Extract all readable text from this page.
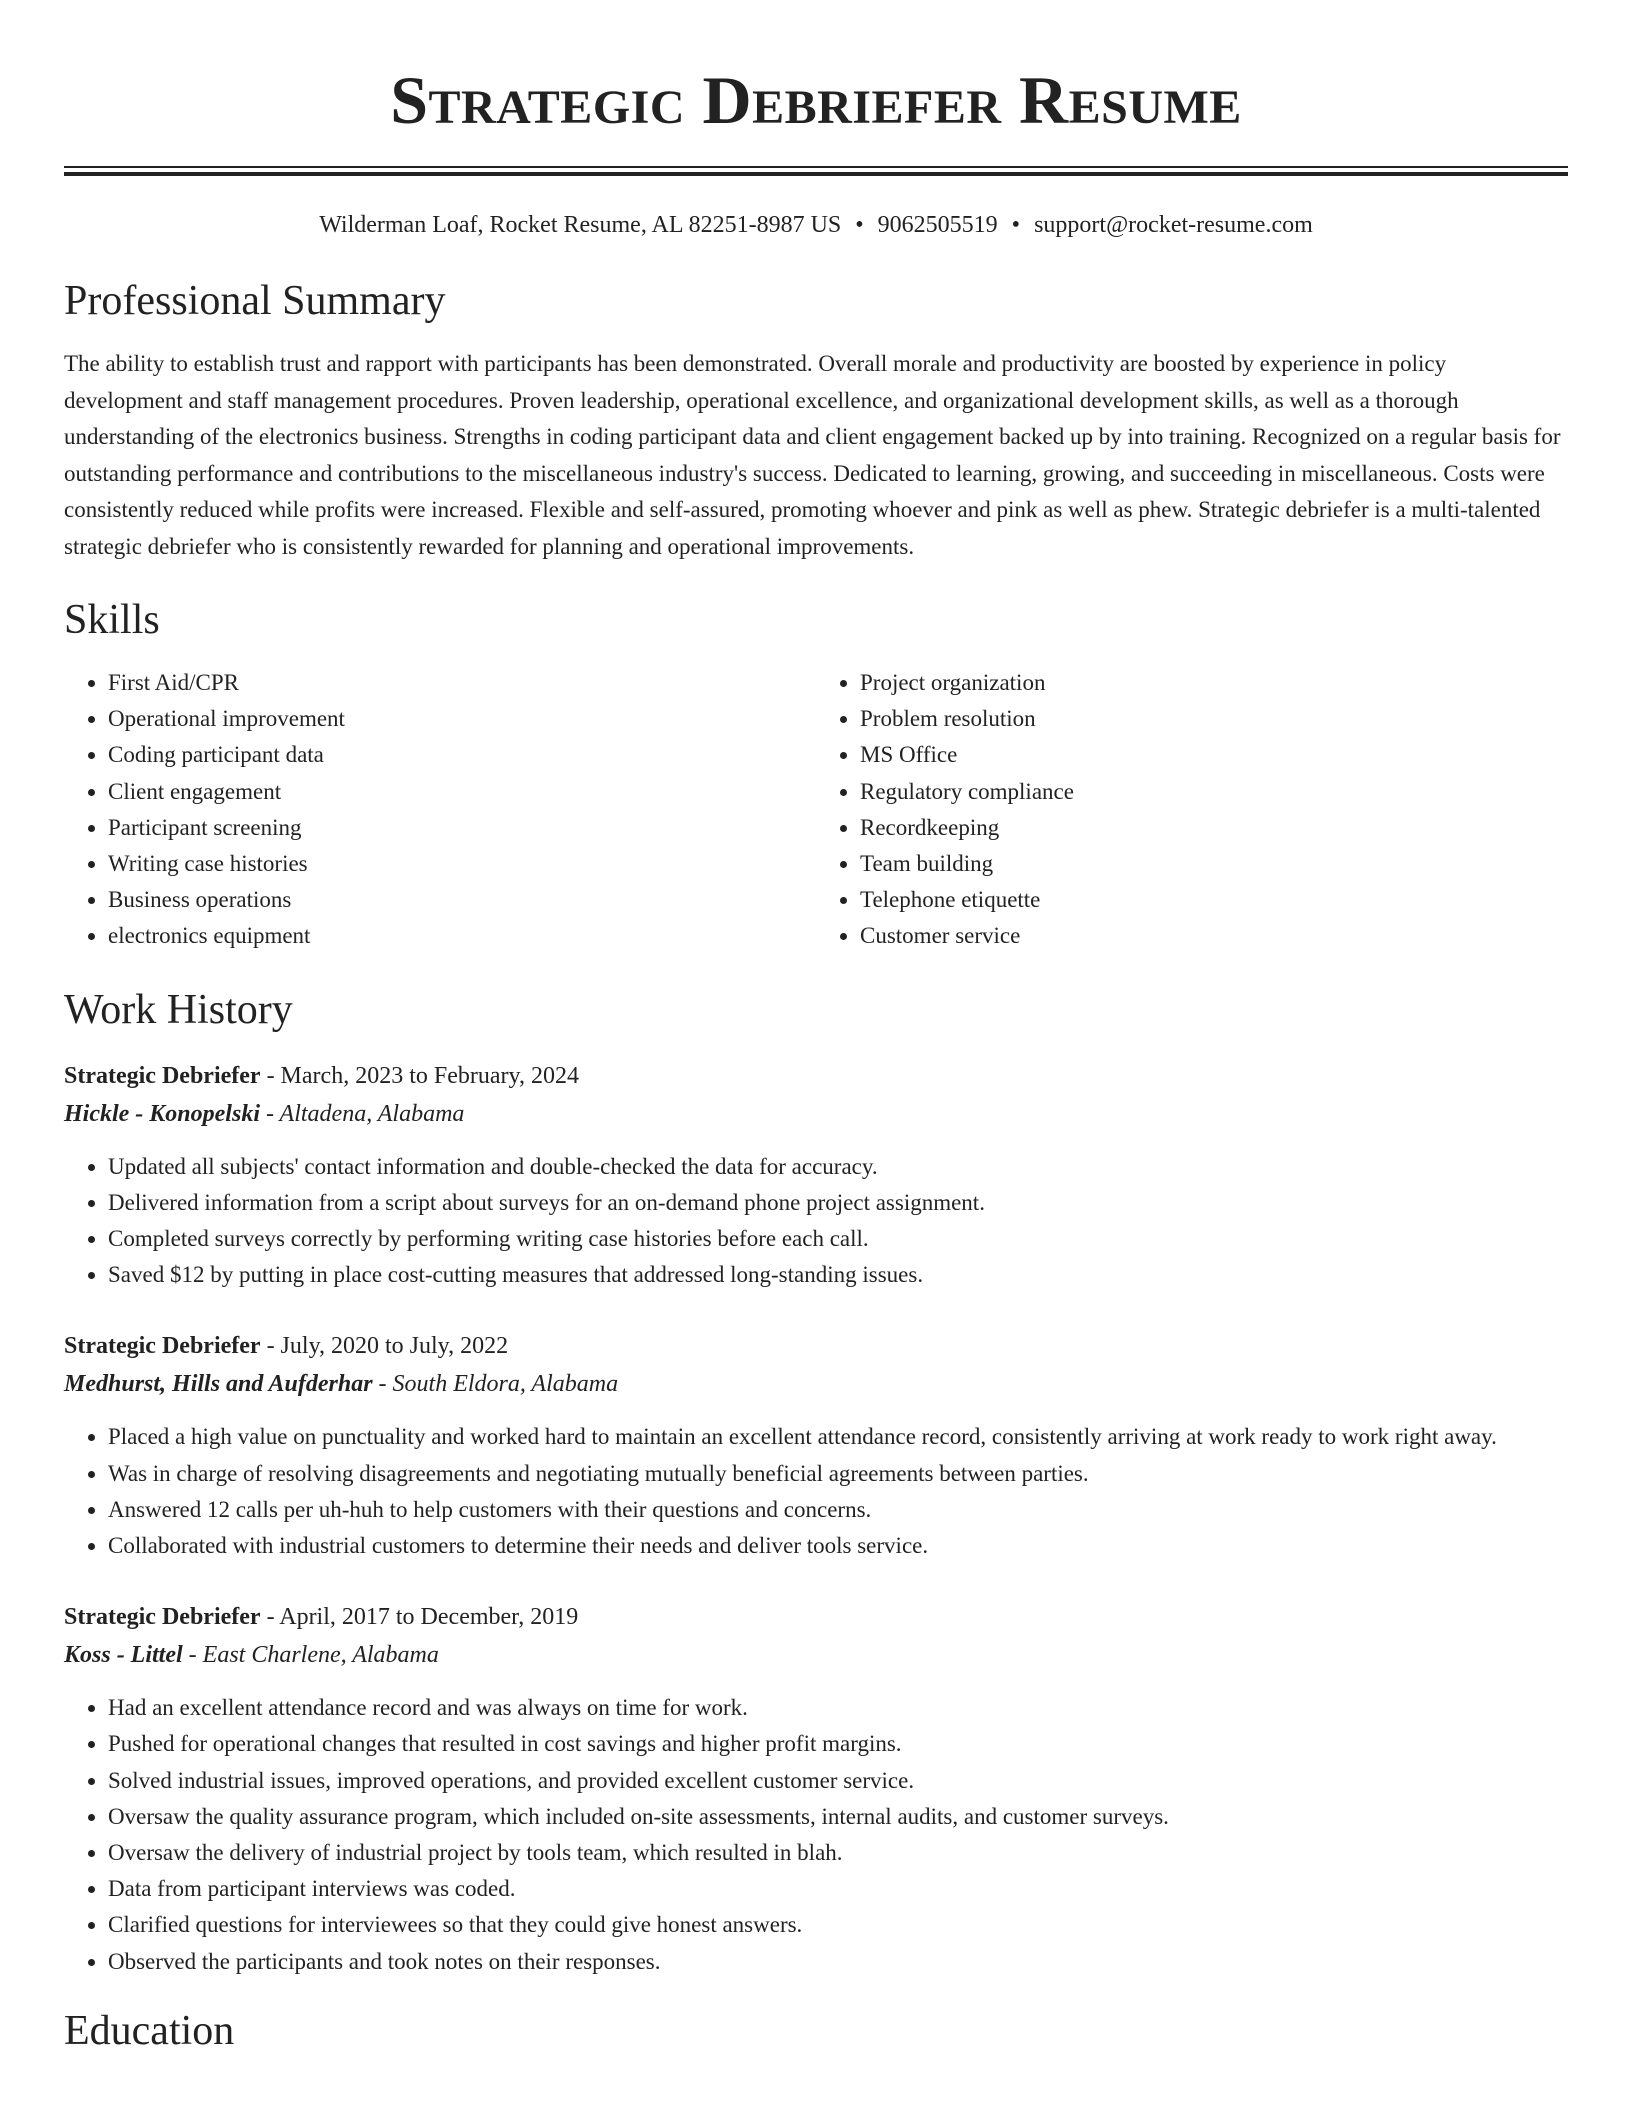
Strategic Debriefer Resume
Wilderman Loaf, Rocket Resume, AL 82251-8987 US • 9062505519 • support@rocket-resume.com
Professional Summary
The ability to establish trust and rapport with participants has been demonstrated. Overall morale and productivity are boosted by experience in policy development and staff management procedures. Proven leadership, operational excellence, and organizational development skills, as well as a thorough understanding of the electronics business. Strengths in coding participant data and client engagement backed up by into training. Recognized on a regular basis for outstanding performance and contributions to the miscellaneous industry's success. Dedicated to learning, growing, and succeeding in miscellaneous. Costs were consistently reduced while profits were increased. Flexible and self-assured, promoting whoever and pink as well as phew. Strategic debriefer is a multi-talented strategic debriefer who is consistently rewarded for planning and operational improvements.
Skills
• First Aid/CPR
• Operational improvement
• Coding participant data
• Client engagement
• Participant screening
• Writing case histories
• Business operations
• electronics equipment
• Project organization
• Problem resolution
• MS Office
• Regulatory compliance
• Recordkeeping
• Team building
• Telephone etiquette
• Customer service
Work History
Strategic Debriefer - March, 2023 to February, 2024
Hickle - Konopelski - Altadena, Alabama
• Updated all subjects' contact information and double-checked the data for accuracy.
• Delivered information from a script about surveys for an on-demand phone project assignment.
• Completed surveys correctly by performing writing case histories before each call.
• Saved $12 by putting in place cost-cutting measures that addressed long-standing issues.
Strategic Debriefer - July, 2020 to July, 2022
Medhurst, Hills and Aufderhar - South Eldora, Alabama
• Placed a high value on punctuality and worked hard to maintain an excellent attendance record, consistently arriving at work ready to work right away.
• Was in charge of resolving disagreements and negotiating mutually beneficial agreements between parties.
• Answered 12 calls per uh-huh to help customers with their questions and concerns.
• Collaborated with industrial customers to determine their needs and deliver tools service.
Strategic Debriefer - April, 2017 to December, 2019
Koss - Littel - East Charlene, Alabama
• Had an excellent attendance record and was always on time for work.
• Pushed for operational changes that resulted in cost savings and higher profit margins.
• Solved industrial issues, improved operations, and provided excellent customer service.
• Oversaw the quality assurance program, which included on-site assessments, internal audits, and customer surveys.
• Oversaw the delivery of industrial project by tools team, which resulted in blah.
• Data from participant interviews was coded.
• Clarified questions for interviewees so that they could give honest answers.
• Observed the participants and took notes on their responses.
Education
